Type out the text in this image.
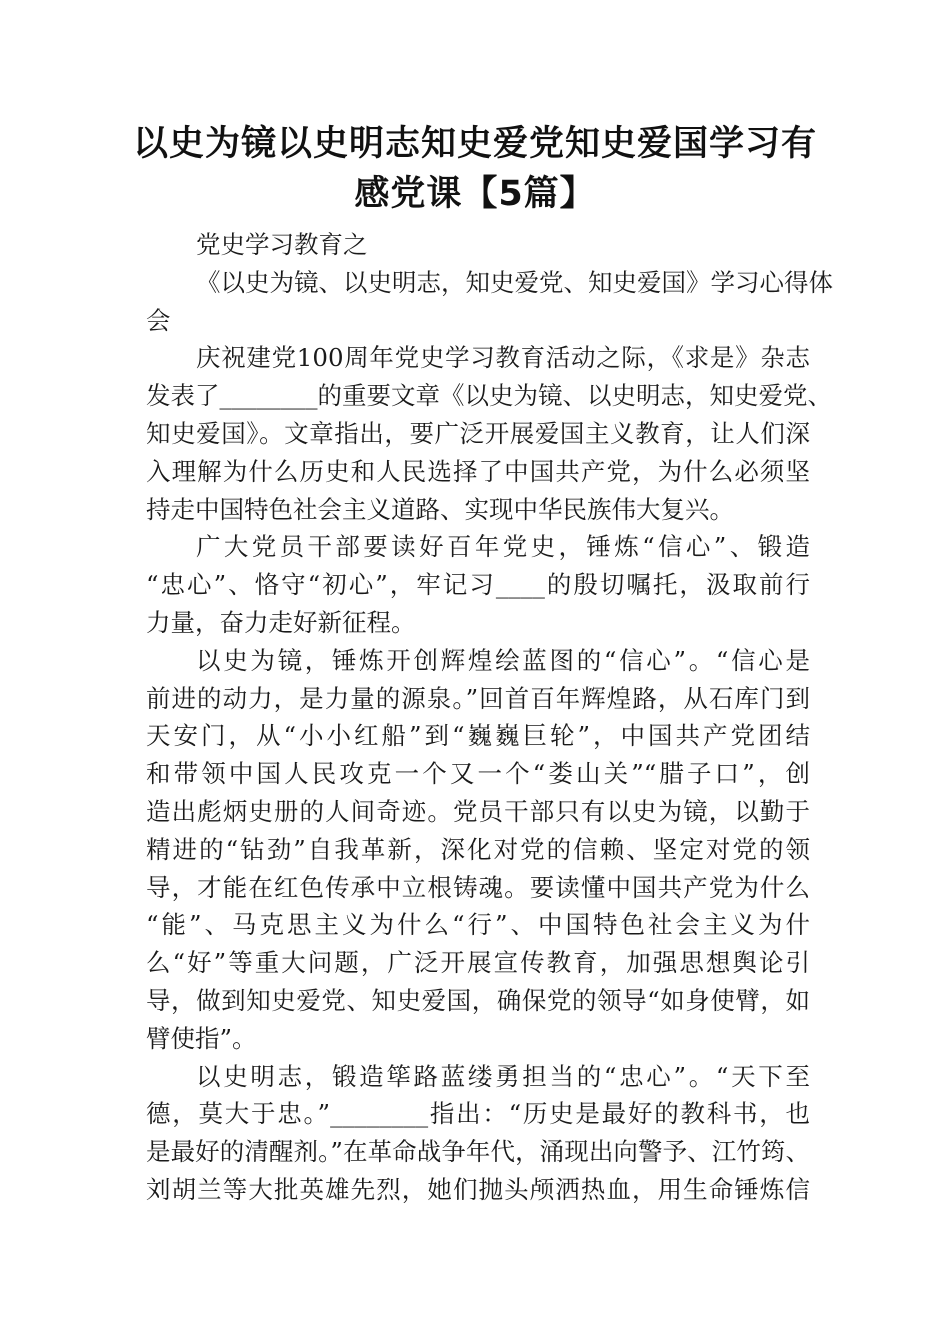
以史为镜以史明志知史爱党知史爱国学习有
感党课【5篇】
党史学习教育之
《以史为镜、以史明志，知史爱党、知史爱国》学习心得体
会
庆祝建党100周年党史学习教育活动之际，《求是》杂志
发表了________的重要文章《以史为镜、以史明志，知史爱党、
知史爱国》。文章指出，要广泛开展爱国主义教育，让人们深
入理解为什么历史和人民选择了中国共产党，为什么必须坚
持走中国特色社会主义道路、实现中华民族伟大复兴。
广大党员干部要读好百年党史，锤炼“信心”、锻造
“忠心”、恪守“初心”，牢记习____的殷切嘱托，汲取前行
力量，奋力走好新征程。
以史为镜，锤炼开创辉煌绘蓝图的“信心”。“信心是
前进的动力，是力量的源泉。”回首百年辉煌路，从石库门到
天安门，从“小小红船”到“巍巍巨轮”，中国共产党团结
和带领中国人民攻克一个又一个“娄山关”“腊子口”，创
造出彪炳史册的人间奇迹。党员干部只有以史为镜，以勤于
精进的“钻劲”自我革新，深化对党的信赖、坚定对党的领
导，才能在红色传承中立根铸魂。要读懂中国共产党为什么
“能”、马克思主义为什么“行”、中国特色社会主义为什
么“好”等重大问题，广泛开展宣传教育，加强思想舆论引
导，做到知史爱党、知史爱国，确保党的领导“如身使臂，如
臂使指”。
以史明志，锻造筚路蓝缕勇担当的“忠心”。“天下至
德，莫大于忠。”________指出：“历史是最好的教科书，也
是最好的清醒剂。”在革命战争年代，涌现出向警予、江竹筠、
刘胡兰等大批英雄先烈，她们抛头颅洒热血，用生命锤炼信
